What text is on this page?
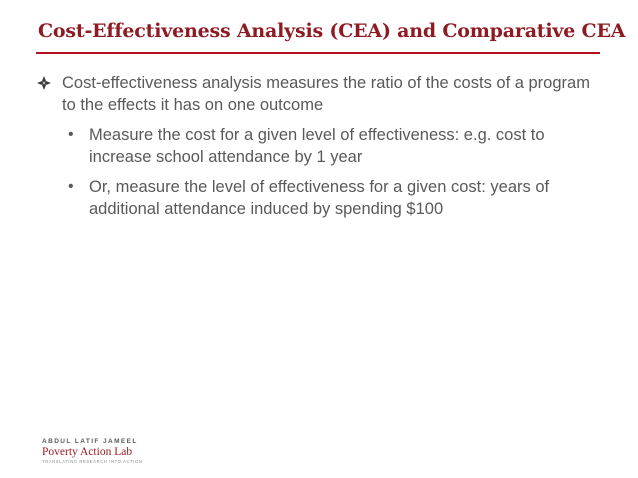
Cost-Effectiveness Analysis (CEA) and Comparative CEA
Cost-effectiveness analysis measures the ratio of the costs of a program to the effects it has on one outcome
• Measure the cost for a given level of effectiveness: e.g. cost to increase school attendance by 1 year
• Or, measure the level of effectiveness for a given cost: years of additional attendance induced by spending $100
ABDUL LATIF JAMEEL
Poverty Action Lab
TRANSLATING RESEARCH INTO ACTION
